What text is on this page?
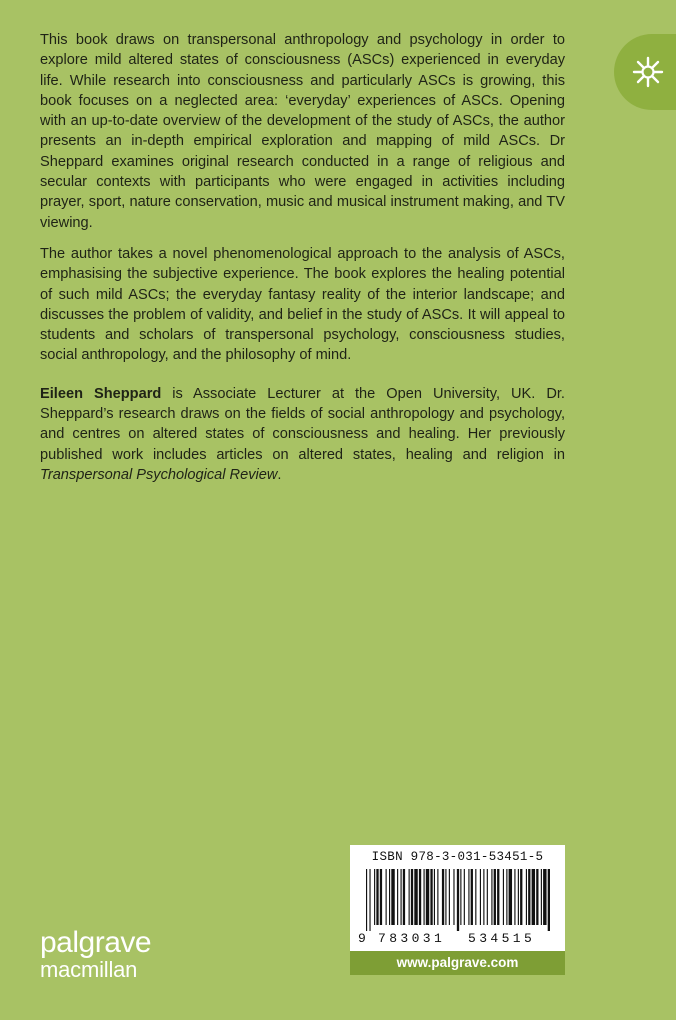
This book draws on transpersonal anthropology and psychology in order to explore mild altered states of consciousness (ASCs) experienced in everyday life. While research into consciousness and particularly ASCs is growing, this book focuses on a neglected area: ‘everyday’ experiences of ASCs. Opening with an up-to-date overview of the development of the study of ASCs, the author presents an in-depth empirical exploration and mapping of mild ASCs. Dr Sheppard examines original research conducted in a range of religious and secular contexts with participants who were engaged in activities including prayer, sport, nature conservation, music and musical instrument making, and TV viewing.

The author takes a novel phenomenological approach to the analysis of ASCs, emphasising the subjective experience. The book explores the healing potential of such mild ASCs; the everyday fantasy reality of the interior landscape; and discusses the problem of validity, and belief in the study of ASCs. It will appeal to students and scholars of transpersonal psychology, consciousness studies, social anthropology, and the philosophy of mind.

Eileen Sheppard is Associate Lecturer at the Open University, UK. Dr. Sheppard’s research draws on the fields of social anthropology and psychology, and centres on altered states of consciousness and healing. Her previously published work includes articles on altered states, healing and religion in Transpersonal Psychological Review.

palgrave
macmillan
ISBN 978-3-031-53451-5
9 783031 534515
www.palgrave.com
